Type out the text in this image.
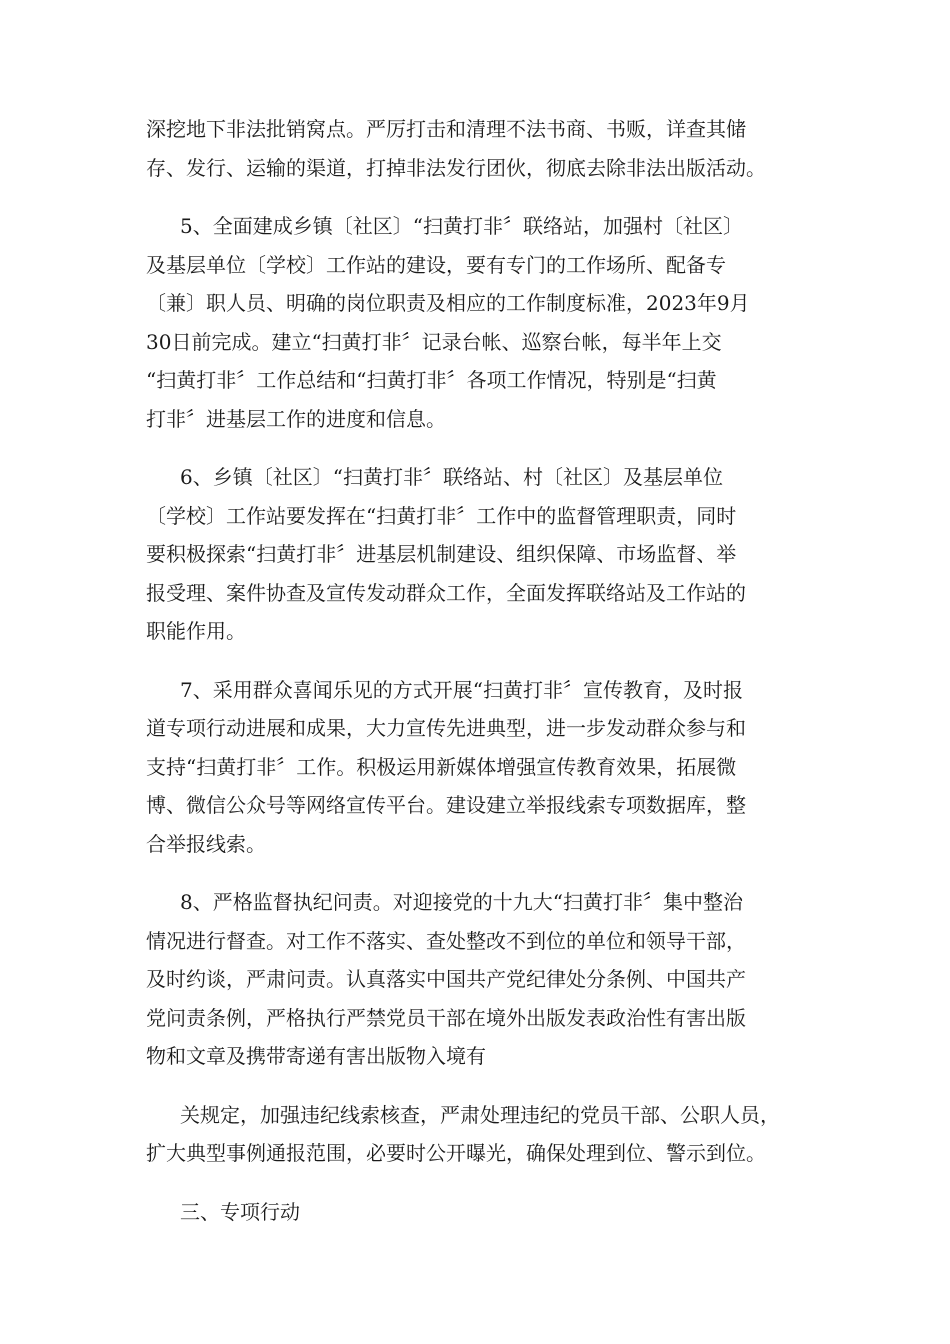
深挖地下非法批销窝点。严厉打击和清理不法书商、书贩，详查其储
存、发行、运输的渠道，打掉非法发行团伙，彻底去除非法出版活动。
5、全面建成乡镇〔社区〕“扫黄打非〞联络站，加强村〔社区〕
及基层单位〔学校〕工作站的建设，要有专门的工作场所、配备专
〔兼〕职人员、明确的岗位职责及相应的工作制度标准，2023年9月
30日前完成。建立“扫黄打非〞记录台帐、巡察台帐，每半年上交
“扫黄打非〞工作总结和“扫黄打非〞各项工作情况，特别是“扫黄
打非〞进基层工作的进度和信息。
6、乡镇〔社区〕“扫黄打非〞联络站、村〔社区〕及基层单位
〔学校〕工作站要发挥在“扫黄打非〞工作中的监督管理职责，同时
要积极探索“扫黄打非〞进基层机制建设、组织保障、市场监督、举
报受理、案件协查及宣传发动群众工作，全面发挥联络站及工作站的
职能作用。
7、采用群众喜闻乐见的方式开展“扫黄打非〞宣传教育，及时报
道专项行动进展和成果，大力宣传先进典型，进一步发动群众参与和
支持“扫黄打非〞工作。积极运用新媒体增强宣传教育效果，拓展微
博、微信公众号等网络宣传平台。建设建立举报线索专项数据库，整
合举报线索。
8、严格监督执纪问责。对迎接党的十九大“扫黄打非〞集中整治
情况进行督查。对工作不落实、查处整改不到位的单位和领导干部，
及时约谈，严肃问责。认真落实中国共产党纪律处分条例、中国共产
党问责条例，严格执行严禁党员干部在境外出版发表政治性有害出版
物和文章及携带寄递有害出版物入境有
关规定，加强违纪线索核查，严肃处理违纪的党员干部、公职人员，
扩大典型事例通报范围，必要时公开曝光，确保处理到位、警示到位。
三、专项行动
